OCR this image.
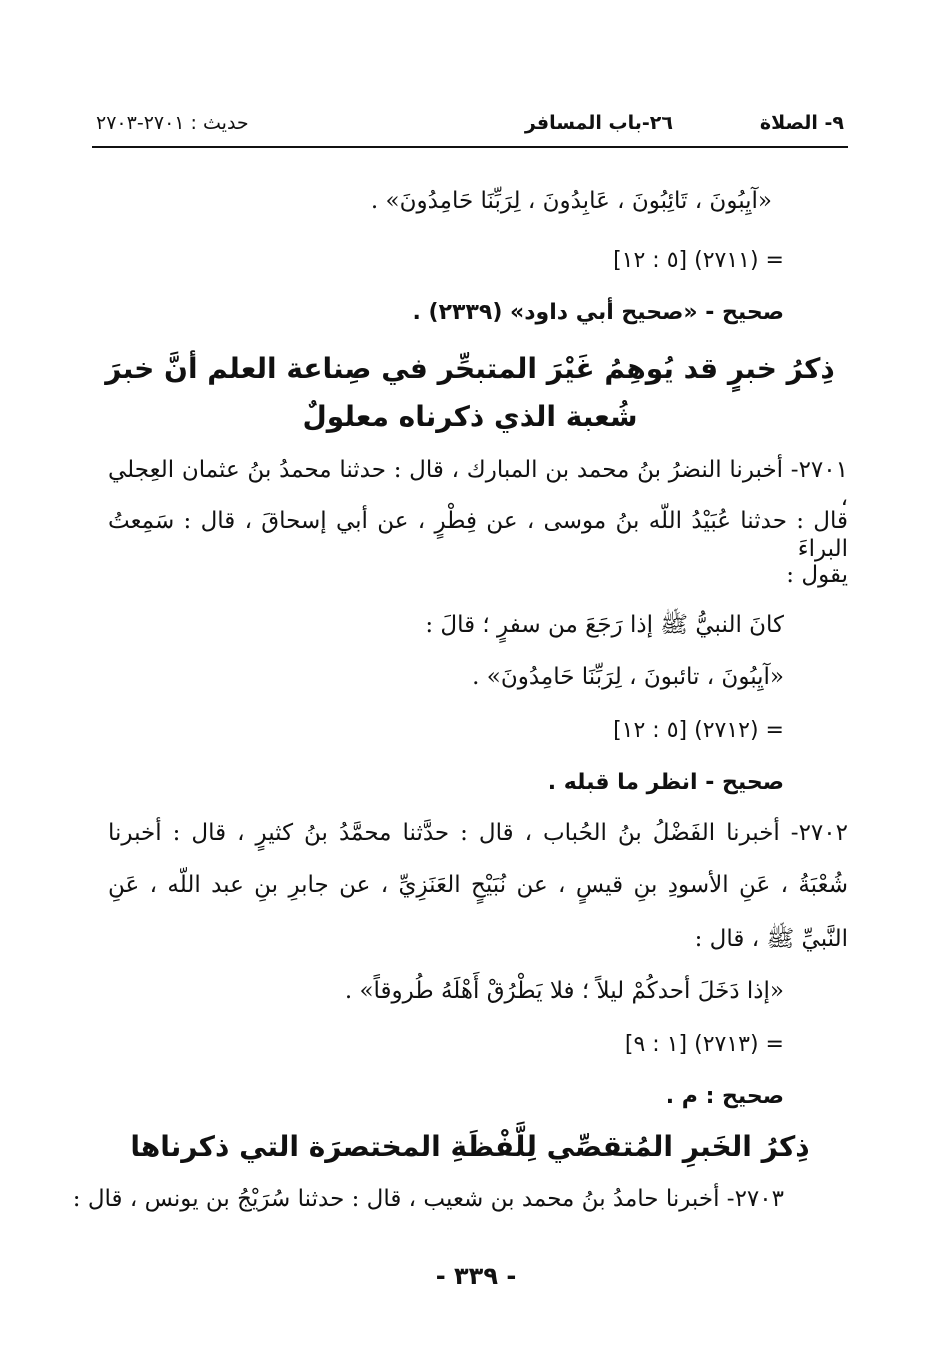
٩- الصلاة
٢٦-باب المسافر
حديث : ٢٧٠١-٢٧٠٣
«آيِبُونَ ، تَائِبُونَ ، عَابِدُونَ ، لِرَبِّنَا حَامِدُونَ» .
= (٢٧١١) [٥ : ١٢]
صحيح - «صحيح أبي داود» (٢٣٣٩) .
ذِكرُ خبرٍ قد يُوهِمُ غَيْرَ المتبحِّر في صِناعة العلم أنَّ خبرَ
شُعبة الذي ذكرناه معلولٌ
٢٧٠١- أخبرنا النضرُ بنُ محمد بن المبارك ، قال : حدثنا محمدُ بنُ عثمان العِجلي ،
قال : حدثنا عُبَيْدُ اللّه بنُ موسى ، عن فِطْرٍ ، عن أبي إسحاقَ ، قال : سَمِعتُ البراءَ
يقول :
كانَ النبيُّ ﷺ إذا رَجَعَ من سفرٍ ؛ قالَ :
«آيِبُونَ ، تائبونَ ، لِرَبِّنَا حَامِدُونَ» .
= (٢٧١٢) [٥ : ١٢]
صحيح - انظر ما قبله .
٢٧٠٢- أخبرنا الفَضْلُ بنُ الحُباب ، قال : حدَّثنا محمَّدُ بنُ كثيرٍ ، قال : أخبرنا
شُعْبَةُ ، عَنِ الأسودِ بنِ قيسٍ ، عن نُبَيْحٍ العَنَزِيِّ ، عن جابرِ بنِ عبد اللّه ، عَنِ
النَّبيِّ ﷺ ، قال :
«إذا دَخَلَ أحدكُمْ ليلاً ؛ فلا يَطْرُقْ أَهْلَهُ طُروقاً» .
= (٢٧١٣) [١ : ٩]
صحيح : م .
ذِكرُ الخَبرِ المُتقصِّي لِلَّفْظَةِ المختصرَة التي ذكرناها
٢٧٠٣- أخبرنا حامدُ بنُ محمد بن شعيب ، قال : حدثنا سُرَيْجُ بن يونس ، قال :
- ٣٣٩ -
